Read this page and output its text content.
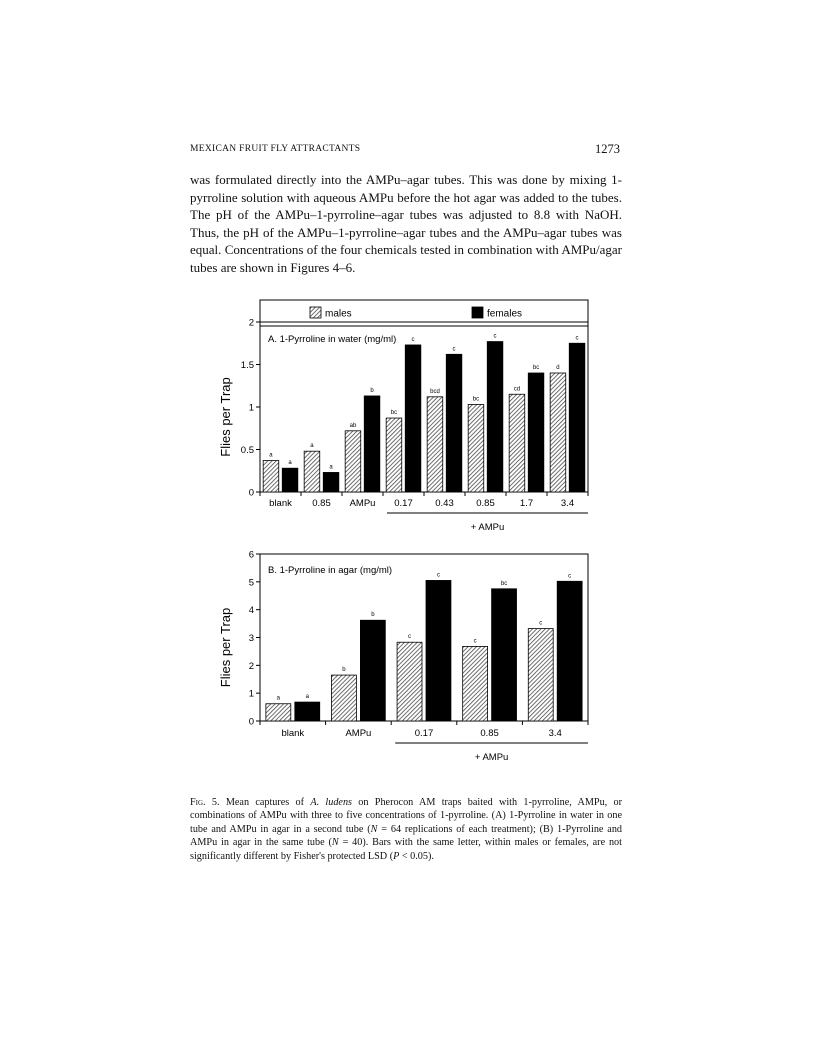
MEXICAN FRUIT FLY ATTRACTANTS	1273

was formulated directly into the AMPu–agar tubes. This was done by mixing 1-pyrroline solution with aqueous AMPu before the hot agar was added to the tubes. The pH of the AMPu–1-pyrroline–agar tubes was adjusted to 8.8 with NaOH. Thus, the pH of the AMPu–1-pyrroline–agar tubes and the AMPu–agar tubes was equal. Concentrations of the four chemicals tested in combination with AMPu/agar tubes are shown in Figures 4–6.

males	females
0
0.5
1
1.5
2
Flies per Trap
A. 1-Pyrroline in water (mg/ml)
a
a
blank
a
a
0.85
ab
b
AMPu
bc
c
0.17
bcd
c
0.43
bc
c
0.85
cd
bc
1.7
d
c
3.4
+ AMPu
0
1
2
3
4
5
6
Flies per Trap
B. 1-Pyrroline in agar (mg/ml)
a	a
blank
b
b
AMPu
c
c
0.17
c
bc
0.85
c
c
3.4
+ AMPu
Fig. 5. Mean captures of A. ludens on Pherocon AM traps baited with 1-pyrroline, AMPu, or combinations of AMPu with three to five concentrations of 1-pyrroline. (A) 1-Pyrroline in water in one tube and AMPu in agar in a second tube (N = 64 replications of each treatment); (B) 1-Pyrroline and AMPu in agar in the same tube (N = 40). Bars with the same letter, within males or females, are not significantly different by Fisher's protected LSD (P < 0.05).
